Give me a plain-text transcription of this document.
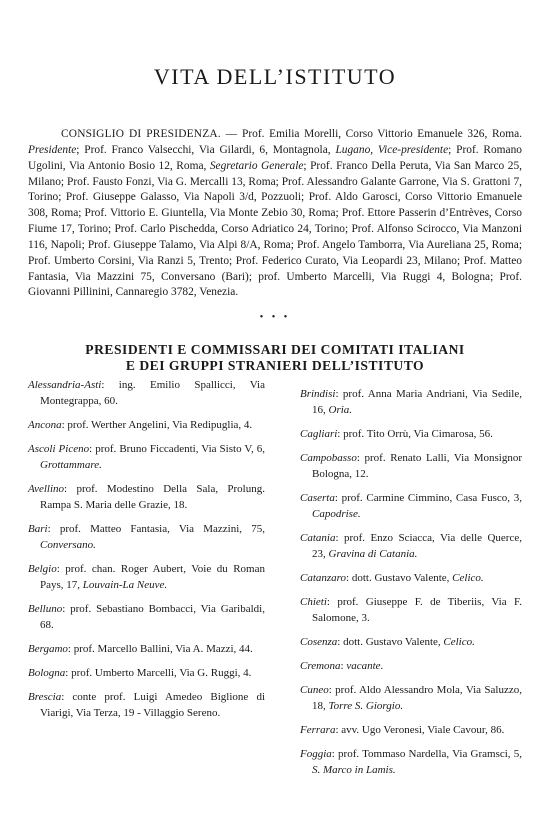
VITA DELL’ISTITUTO

CONSIGLIO DI PRESIDENZA. — Prof. Emilia Morelli, Corso Vittorio Emanuele 326, Roma. Presidente; Prof. Franco Valsecchi, Via Gilardi, 6, Montagnola, Lugano, Vice-presidente; Prof. Romano Ugolini, Via Antonio Bosio 12, Roma, Segretario Generale; Prof. Franco Della Peruta, Via San Marco 25, Milano; Prof. Fausto Fonzi, Via G. Mercalli 13, Roma; Prof. Alessandro Galante Garrone, Via S. Grattoni 7, Torino; Prof. Giuseppe Galasso, Via Napoli 3/d, Pozzuoli; Prof. Aldo Garosci, Corso Vittorio Emanuele 308, Roma; Prof. Vittorio E. Giuntella, Via Monte Zebio 30, Roma; Prof. Ettore Passerin d’Entrèves, Corso Fiume 17, Torino; Prof. Carlo Pischedda, Corso Adriatico 24, Torino; Prof. Alfonso Scirocco, Via Manzoni 116, Napoli; Prof. Giuseppe Talamo, Via Alpi 8/A, Roma; Prof. Angelo Tamborra, Via Aureliana 25, Roma; Prof. Umberto Corsini, Via Ranzi 5, Trento; Prof. Federico Curato, Via Leopardi 23, Milano; Prof. Matteo Fantasia, Via Mazzini 75, Conversano (Bari); prof. Umberto Marcelli, Via Ruggi 4, Bologna; Prof. Giovanni Pillinini, Cannaregio 3782, Venezia.

• • •

PRESIDENTI E COMMISSARI DEI COMITATI ITALIANI
E DEI GRUPPI STRANIERI DELL’ISTITUTO

Alessandria-Asti: ing. Emilio Spallicci, Via Montegrappa, 60.

Ancona: prof. Werther Angelini, Via Redipuglia, 4.

Ascoli Piceno: prof. Bruno Ficcadenti, Via Sisto V, 6, Grottammare.

Avellino: prof. Modestino Della Sala, Prolung. Rampa S. Maria delle Grazie, 18.

Bari: prof. Matteo Fantasia, Via Mazzini, 75, Conversano.

Belgio: prof. chan. Roger Aubert, Voie du Roman Pays, 17, Louvain-La Neuve.

Belluno: prof. Sebastiano Bombacci, Via Garibaldi, 68.

Bergamo: prof. Marcello Ballini, Via A. Mazzi, 44.

Bologna: prof. Umberto Marcelli, Via G. Ruggi, 4.

Brescia: conte prof. Luigi Amedeo Biglione di Viarigi, Via Terza, 19 - Villaggio Sereno.

Brindisi: prof. Anna Maria Andriani, Via Sedile, 16, Oria.

Cagliari: prof. Tito Orrù, Via Cimarosa, 56.

Campobasso: prof. Renato Lalli, Via Monsignor Bologna, 12.

Caserta: prof. Carmine Cimmino, Casa Fusco, 3, Capodrise.

Catania: prof. Enzo Sciacca, Via delle Querce, 23, Gravina di Catania.

Catanzaro: dott. Gustavo Valente, Celico.

Chieti: prof. Giuseppe F. de Tiberiis, Via F. Salomone, 3.

Cosenza: dott. Gustavo Valente, Celico.

Cremona: vacante.

Cuneo: prof. Aldo Alessandro Mola, Via Saluzzo, 18, Torre S. Giorgio.

Ferrara: avv. Ugo Veronesi, Viale Cavour, 86.

Foggia: prof. Tommaso Nardella, Via Gramsci, 5, S. Marco in Lamis.
